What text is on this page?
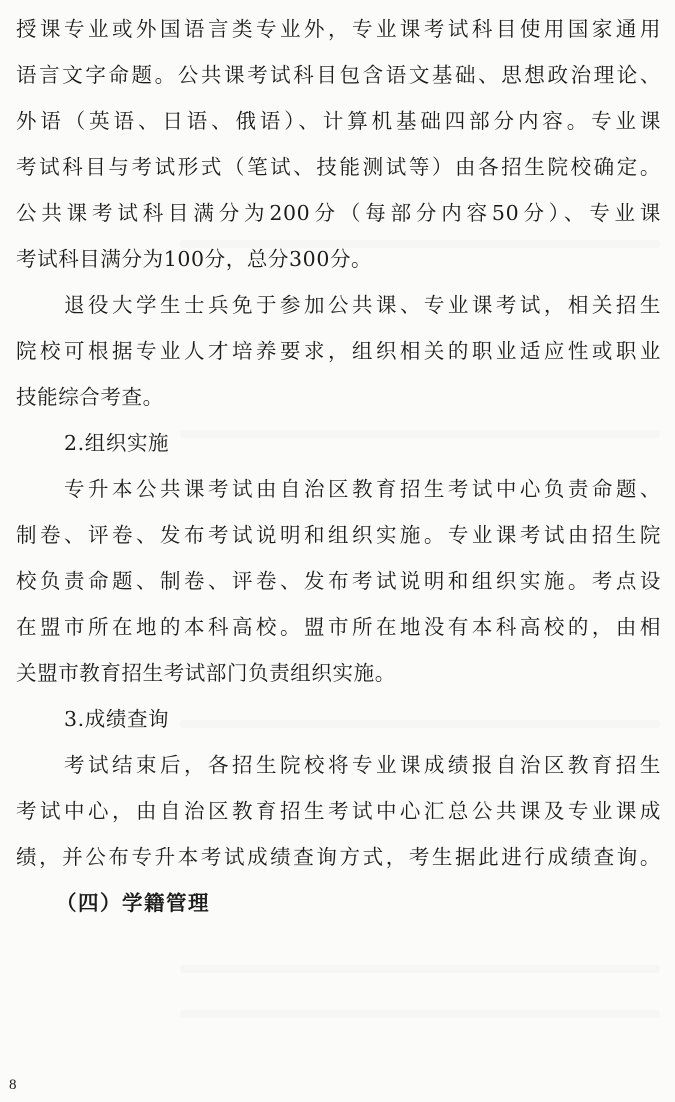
授课专业或外国语言类专业外，专业课考试科目使用国家通用
语言文字命题。公共课考试科目包含语文基础、思想政治理论、
外语（英语、日语、俄语）、计算机基础四部分内容。专业课
考试科目与考试形式（笔试、技能测试等）由各招生院校确定。
公共课考试科目满分为200分（每部分内容50分）、专业课
考试科目满分为100分，总分300分。
退役大学生士兵免于参加公共课、专业课考试，相关招生
院校可根据专业人才培养要求，组织相关的职业适应性或职业
技能综合考查。
2.组织实施
专升本公共课考试由自治区教育招生考试中心负责命题、
制卷、评卷、发布考试说明和组织实施。专业课考试由招生院
校负责命题、制卷、评卷、发布考试说明和组织实施。考点设
在盟市所在地的本科高校。盟市所在地没有本科高校的，由相
关盟市教育招生考试部门负责组织实施。
3.成绩查询
考试结束后，各招生院校将专业课成绩报自治区教育招生
考试中心，由自治区教育招生考试中心汇总公共课及专业课成
绩，并公布专升本考试成绩查询方式，考生据此进行成绩查询。
（四）学籍管理
8
